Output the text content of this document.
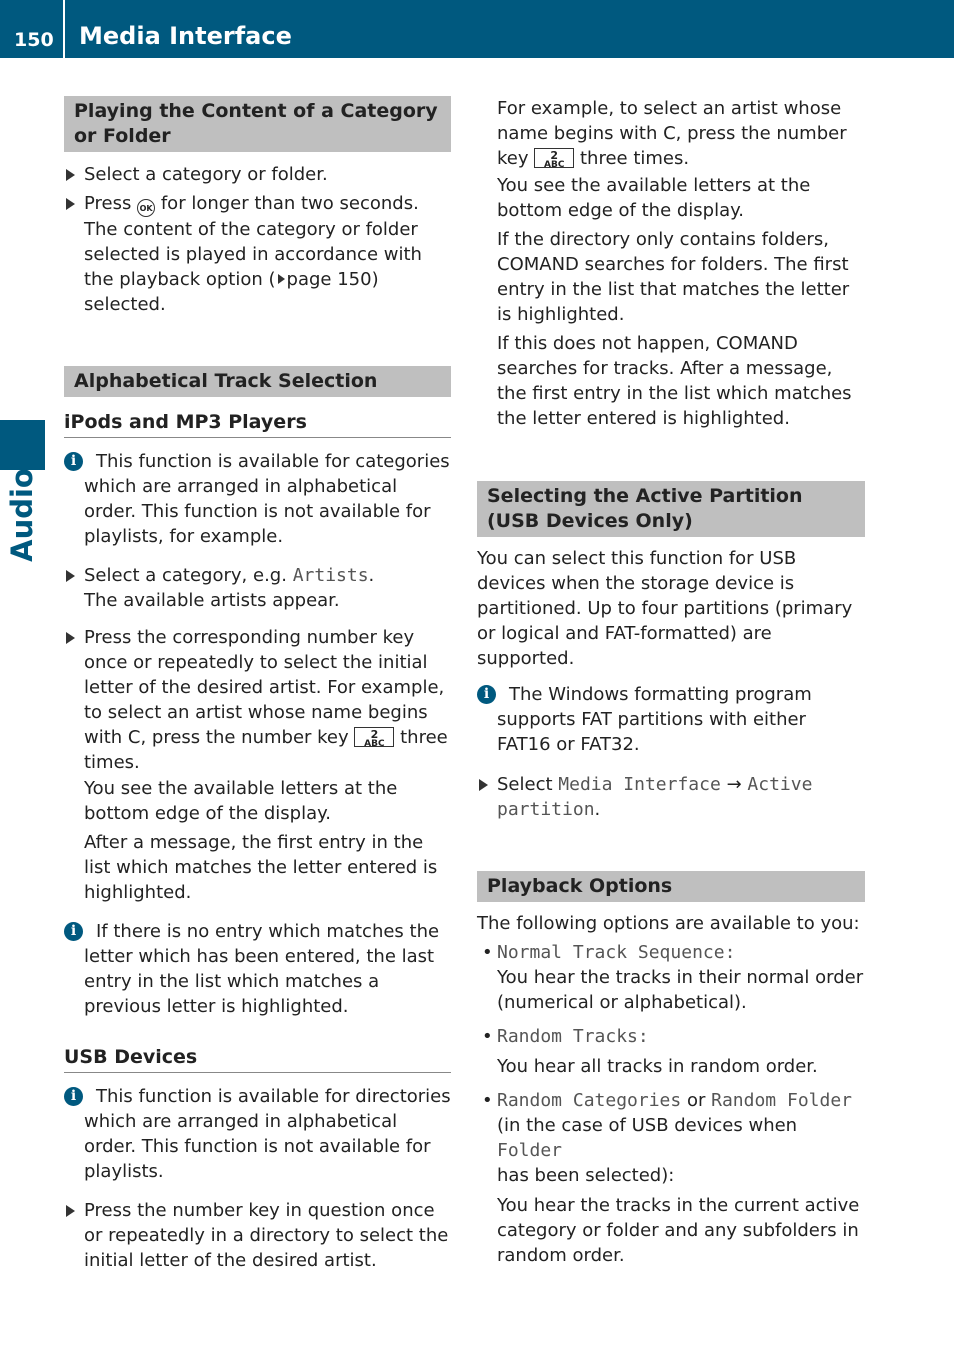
150 Media Interface
Audio
Playing the Content of a Category or Folder
Select a category or folder.
Press OK for longer than two seconds.
The content of the category or folder selected is played in accordance with the playback option ( page 150) selected.
Alphabetical Track Selection
iPods and MP3 Players
i	This function is available for categories which are arranged in alphabetical order. This function is not available for playlists, for example.
Select a category, e.g. Artists.
The available artists appear.
Press the corresponding number key once or repeatedly to select the initial letter of the desired artist. For example, to select an artist whose name begins with C, press the number key	2
ABC three times.
You see the available letters at the bottom edge of the display.
After a message, the first entry in the list which matches the letter entered is highlighted.
i	If there is no entry which matches the letter which has been entered, the last entry in the list which matches a previous letter is highlighted.
USB Devices
i	This function is available for directories which are arranged in alphabetical order. This function is not available for playlists.
Press the number key in question once or repeatedly in a directory to select the initial letter of the desired artist.
For example, to select an artist whose name begins with C, press the number key	2
ABC three times.
You see the available letters at the bottom edge of the display.
If the directory only contains folders, COMAND searches for folders. The first entry in the list that matches the letter is highlighted.
If this does not happen, COMAND searches for tracks. After a message, the first entry in the list which matches the letter entered is highlighted.
Selecting the Active Partition (USB Devices Only)
You can select this function for USB devices when the storage device is partitioned. Up to four partitions (primary or logical and FAT-formatted) are supported.
i	The Windows formatting program supports FAT partitions with either FAT16 or FAT32.
Select Media Interface → Active partition.
Playback Options
The following options are available to you:
• Normal Track Sequence:
You hear the tracks in their normal order (numerical or alphabetical).
• Random Tracks:
You hear all tracks in random order.
• Random Categories or Random Folder
(in the case of USB devices when Folder
has been selected):
You hear the tracks in the current active category or folder and any subfolders in random order.
